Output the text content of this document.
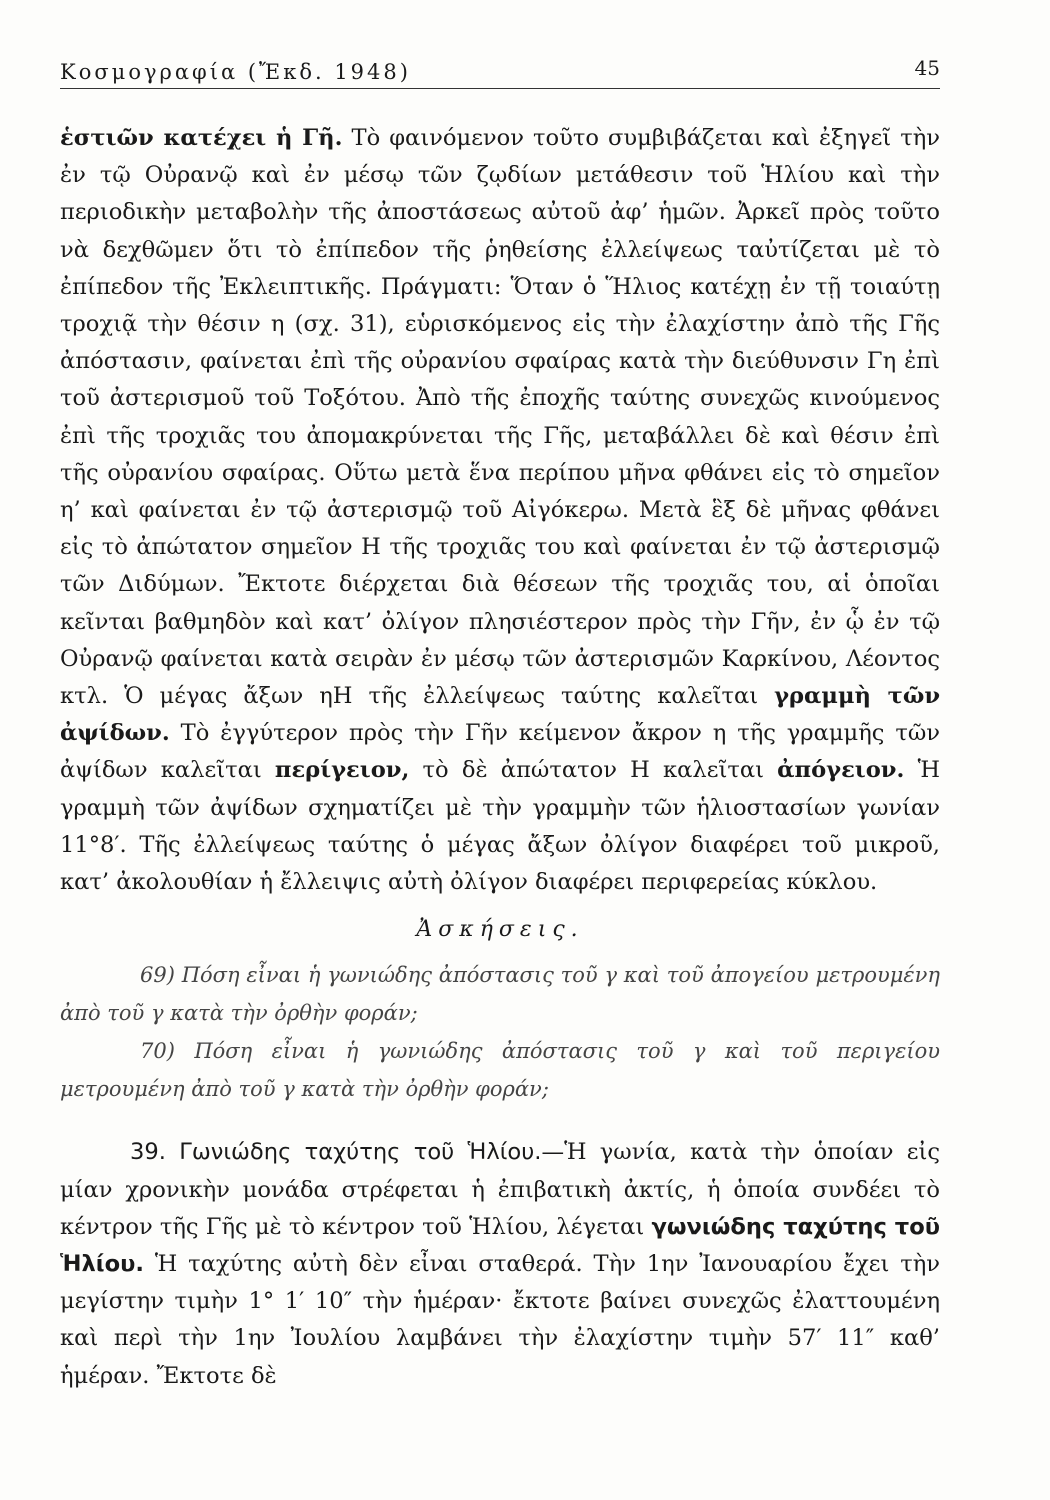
Κοσμογραφία (Ἔκδ. 1948)	45

ἑστιῶν κατέχει ἡ Γῆ. Τὸ φαινόμενον τοῦτο συμβιβάζεται καὶ ἐξηγεῖ τὴν ἐν τῷ Οὐρανῷ καὶ ἐν μέσῳ τῶν ζῳδίων μετάθεσιν τοῦ Ἡλίου καὶ τὴν περιοδικὴν μεταβολὴν τῆς ἀποστάσεως αὐτοῦ ἀφ’ ἡμῶν. Ἀρκεῖ πρὸς τοῦτο νὰ δεχθῶμεν ὅτι τὸ ἐπίπεδον τῆς ῥηθείσης ἐλλείψεως ταὐτίζεται μὲ τὸ ἐπίπεδον τῆς Ἐκλειπτικῆς. Πράγματι: Ὅταν ὁ Ἥλιος κατέχῃ ἐν τῇ τοιαύτῃ τροχιᾷ τὴν θέσιν η (σχ. 31), εὑρισκόμενος εἰς τὴν ἐλαχίστην ἀπὸ τῆς Γῆς ἀπόστασιν, φαίνεται ἐπὶ τῆς οὐρανίου σφαίρας κατὰ τὴν διεύθυνσιν Γη ἐπὶ τοῦ ἀστερισμοῦ τοῦ Τοξότου. Ἀπὸ τῆς ἐποχῆς ταύτης συνεχῶς κινούμενος ἐπὶ τῆς τροχιᾶς του ἀπομακρύνεται τῆς Γῆς, μεταβάλλει δὲ καὶ θέσιν ἐπὶ τῆς οὐρανίου σφαίρας. Οὕτω μετὰ ἕνα περίπου μῆνα φθάνει εἰς τὸ σημεῖον η’ καὶ φαίνεται ἐν τῷ ἀστερισμῷ τοῦ Αἰγόκερω. Μετὰ ἓξ δὲ μῆνας φθάνει εἰς τὸ ἀπώτατον σημεῖον Η τῆς τροχιᾶς του καὶ φαίνεται ἐν τῷ ἀστερισμῷ τῶν Διδύμων. Ἔκτοτε διέρχεται διὰ θέσεων τῆς τροχιᾶς του, αἱ ὁποῖαι κεῖνται βαθμηδὸν καὶ κατ’ ὀλίγον πλησιέστερον πρὸς τὴν Γῆν, ἐν ᾧ ἐν τῷ Οὐρανῷ φαίνεται κατὰ σειρὰν ἐν μέσῳ τῶν ἀστερισμῶν Καρκίνου, Λέοντος κτλ. Ὁ μέγας ἄξων ηΗ τῆς ἐλλείψεως ταύτης καλεῖται γραμμὴ τῶν ἀψίδων. Τὸ ἐγγύτερον πρὸς τὴν Γῆν κείμενον ἄκρον η τῆς γραμμῆς τῶν ἀψίδων καλεῖται περίγειον, τὸ δὲ ἀπώτατον Η καλεῖται ἀπόγειον. Ἡ γραμμὴ τῶν ἀψίδων σχηματίζει μὲ τὴν γραμμὴν τῶν ἡλιοστασίων γωνίαν 11°8′. Τῆς ἐλλείψεως ταύτης ὁ μέγας ἄξων ὀλίγον διαφέρει τοῦ μικροῦ, κατ’ ἀκολουθίαν ἡ ἔλλειψις αὐτὴ ὀλίγον διαφέρει περιφερείας κύκλου.

Ἀσκήσεις.

69) Πόση εἶναι ἡ γωνιώδης ἀπόστασις τοῦ γ καὶ τοῦ ἀπογείου μετρουμένη ἀπὸ τοῦ γ κατὰ τὴν ὀρθὴν φοράν;

70) Πόση εἶναι ἡ γωνιώδης ἀπόστασις τοῦ γ καὶ τοῦ περιγείου μετρουμένη ἀπὸ τοῦ γ κατὰ τὴν ὀρθὴν φοράν;

39. Γωνιώδης ταχύτης τοῦ Ἡλίου.—Ἡ γωνία, κατὰ τὴν ὁποίαν εἰς μίαν χρονικὴν μονάδα στρέφεται ἡ ἐπιβατικὴ ἀκτίς, ἡ ὁποία συνδέει τὸ κέντρον τῆς Γῆς μὲ τὸ κέντρον τοῦ Ἡλίου, λέγεται γωνιώδης ταχύτης τοῦ Ἡλίου. Ἡ ταχύτης αὐτὴ δὲν εἶναι σταθερά. Τὴν 1ην Ἰανουαρίου ἔχει τὴν μεγίστην τιμὴν 1° 1′ 10″ τὴν ἡμέραν· ἔκτοτε βαίνει συνεχῶς ἐλαττουμένη καὶ περὶ τὴν 1ην Ἰουλίου λαμβάνει τὴν ἐλαχίστην τιμὴν 57′ 11″ καθ’ ἡμέραν. Ἔκτοτε δὲ
